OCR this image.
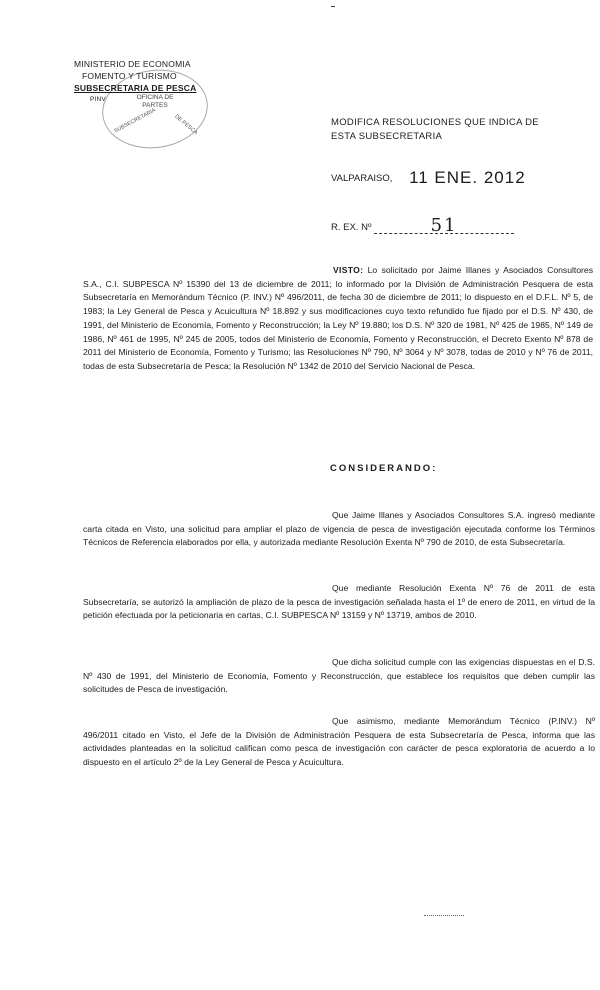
MINISTERIO DE ECONOMIA
FOMENTO Y TURISMO
SUBSECRETARIA DE PESCA
PINV	OFICINA DE PARTES
SUBSECRETARIA	DE PESCA	MODIFICA RESOLUCIONES QUE INDICA DE ESTA SUBSECRETARIA
VALPARAISO, 11 ENE. 2012
R. EX. Nº	51
VISTO: Lo solicitado por Jaime Illanes y Asociados Consultores S.A., C.I. SUBPESCA Nº 15390 del 13 de diciembre de 2011; lo informado por la División de Administración Pesquera de esta Subsecretaría en Memorándum Técnico (P. INV.) Nº 496/2011, de fecha 30 de diciembre de 2011; lo dispuesto en el D.F.L. Nº 5, de 1983; la Ley General de Pesca y Acuicultura Nº 18.892 y sus modificaciones cuyo texto refundido fue fijado por el D.S. Nº 430, de 1991, del Ministerio de Economía, Fomento y Reconstrucción; la Ley Nº 19.880; los D.S. Nº 320 de 1981, Nº 425 de 1985, Nº 149 de 1986, Nº 461 de 1995, Nº 245 de 2005, todos del Ministerio de Economía, Fomento y Reconstrucción, el Decreto Exento Nº 878 de 2011 del Ministerio de Economía, Fomento y Turismo; las Resoluciones Nº 790, Nº 3064 y Nº 3078, todas de 2010 y Nº 76 de 2011, todas de esta Subsecretaría de Pesca; la Resolución Nº 1342 de 2010 del Servicio Nacional de Pesca.
CONSIDERANDO:
Que Jaime Illanes y Asociados Consultores S.A. ingresó mediante carta citada en Visto, una solicitud para ampliar el plazo de vigencia de pesca de investigación ejecutada conforme los Términos Técnicos de Referencia elaborados por ella, y autorizada mediante Resolución Exenta Nº 790 de 2010, de esta Subsecretaría.
Que mediante Resolución Exenta Nº 76 de 2011 de esta Subsecretaría, se autorizó la ampliación de plazo de la pesca de investigación señalada hasta el 1º de enero de 2011, en virtud de la petición efectuada por la peticionaria en cartas, C.I. SUBPESCA Nº 13159 y Nº 13719, ambos de 2010.
Que dicha solicitud cumple con las exigencias dispuestas en el D.S. Nº 430 de 1991, del Ministerio de Economía, Fomento y Reconstrucción, que establece los requisitos que deben cumplir las solicitudes de Pesca de investigación.
Que asimismo, mediante Memorándum Técnico (P.INV.) Nº 496/2011 citado en Visto, el Jefe de la División de Administración Pesquera de esta Subsecretaría de Pesca, informa que las actividades planteadas en la solicitud califican como pesca de investigación con carácter de pesca exploratoria de acuerdo a lo dispuesto en el artículo 2º de la Ley General de Pesca y Acuicultura.
